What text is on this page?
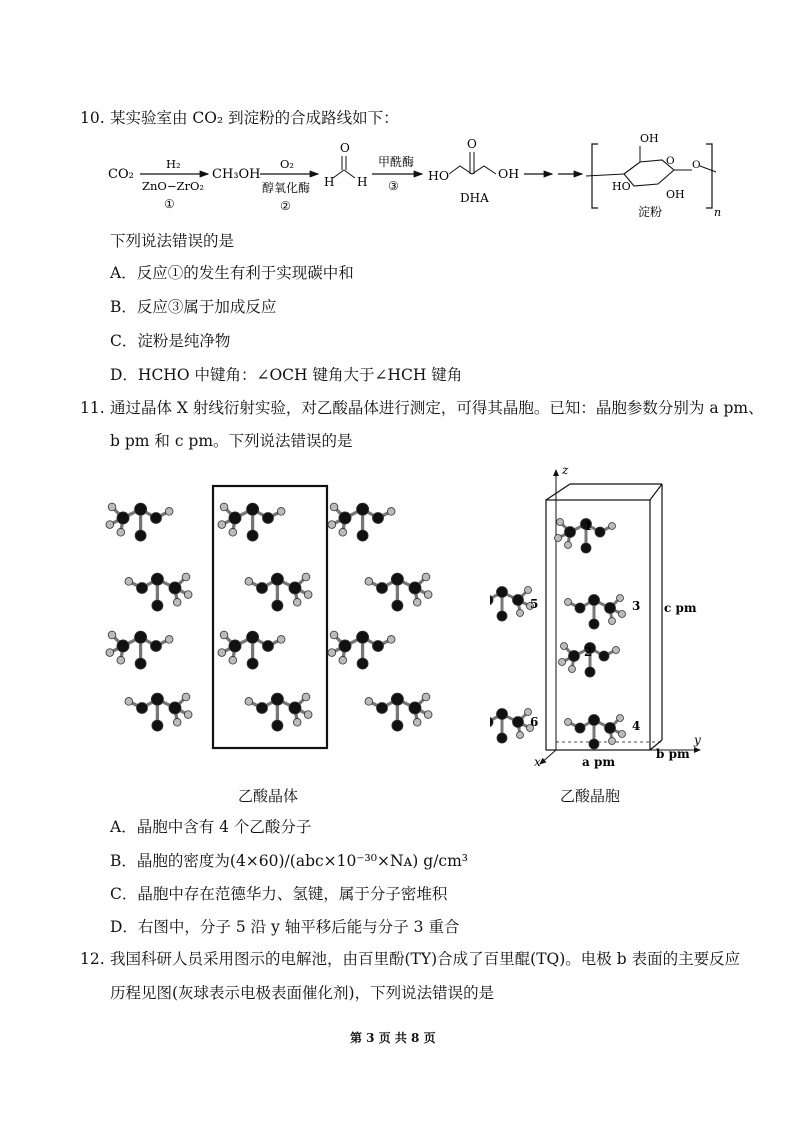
10. 某实验室由 CO₂ 到淀粉的合成路线如下：
CO₂
H₂
ZnO−ZrO₂
①
CH₃OH
O₂
醇氧化酶
②
O
H H
甲酰酶
③
HO
O
OH
DHA
OH
O O
HO
OH
n
淀粉
下列说法错误的是
A．反应①的发生有利于实现碳中和
B．反应③属于加成反应
C．淀粉是纯净物
D．HCHO 中键角：∠OCH 键角大于∠HCH 键角
11. 通过晶体 X 射线衍射实验，对乙酸晶体进行测定，可得其晶胞。已知：晶胞参数分别为 a pm、
b pm 和 c pm。下列说法错误的是
z
y
x	a pm
b pm
c pm
1
2
3
4
5
6
乙酸晶体	乙酸晶胞
A．晶胞中含有 4 个乙酸分子
B．晶胞的密度为(4×60)/(abc×10⁻³⁰×Nᴀ) g/cm³
C．晶胞中存在范德华力、氢键，属于分子密堆积
D．右图中，分子 5 沿 y 轴平移后能与分子 3 重合
12. 我国科研人员采用图示的电解池，由百里酚(TY)合成了百里醌(TQ)。电极 b 表面的主要反应
历程见图(灰球表示电极表面催化剂)，下列说法错误的是
第 3 页 共 8 页
